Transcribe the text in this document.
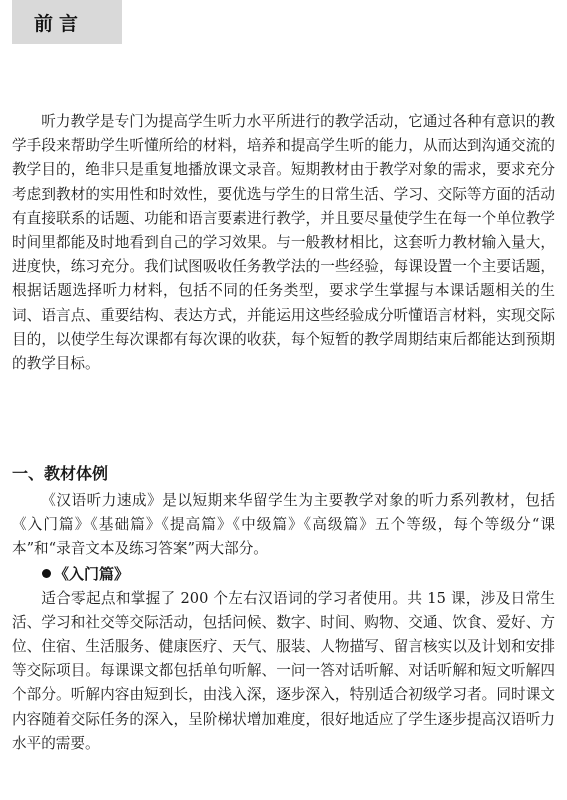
前言

听力教学是专门为提高学生听力水平所进行的教学活动，它通过各种有意识的教学手段来帮助学生听懂所给的材料，培养和提高学生听的能力，从而达到沟通交流的教学目的，绝非只是重复地播放课文录音。短期教材由于教学对象的需求，要求充分考虑到教材的实用性和时效性，要优选与学生的日常生活、学习、交际等方面的活动有直接联系的话题、功能和语言要素进行教学，并且要尽量使学生在每一个单位教学时间里都能及时地看到自己的学习效果。与一般教材相比，这套听力教材输入量大，进度快，练习充分。我们试图吸收任务教学法的一些经验，每课设置一个主要话题，根据话题选择听力材料，包括不同的任务类型，要求学生掌握与本课话题相关的生词、语言点、重要结构、表达方式，并能运用这些经验成分听懂语言材料，实现交际目的，以使学生每次课都有每次课的收获，每个短暂的教学周期结束后都能达到预期的教学目标。

一、教材体例

《汉语听力速成》是以短期来华留学生为主要教学对象的听力系列教材，包括《入门篇》《基础篇》《提高篇》《中级篇》《高级篇》五个等级，每个等级分“课本”和“录音文本及练习答案”两大部分。

《入门篇》

适合零起点和掌握了 200 个左右汉语词的学习者使用。共 15 课，涉及日常生活、学习和社交等交际活动，包括问候、数字、时间、购物、交通、饮食、爱好、方位、住宿、生活服务、健康医疗、天气、服装、人物描写、留言核实以及计划和安排等交际项目。每课课文都包括单句听解、一问一答对话听解、对话听解和短文听解四个部分。听解内容由短到长，由浅入深，逐步深入，特别适合初级学习者。同时课文内容随着交际任务的深入，呈阶梯状增加难度，很好地适应了学生逐步提高汉语听力水平的需要。
